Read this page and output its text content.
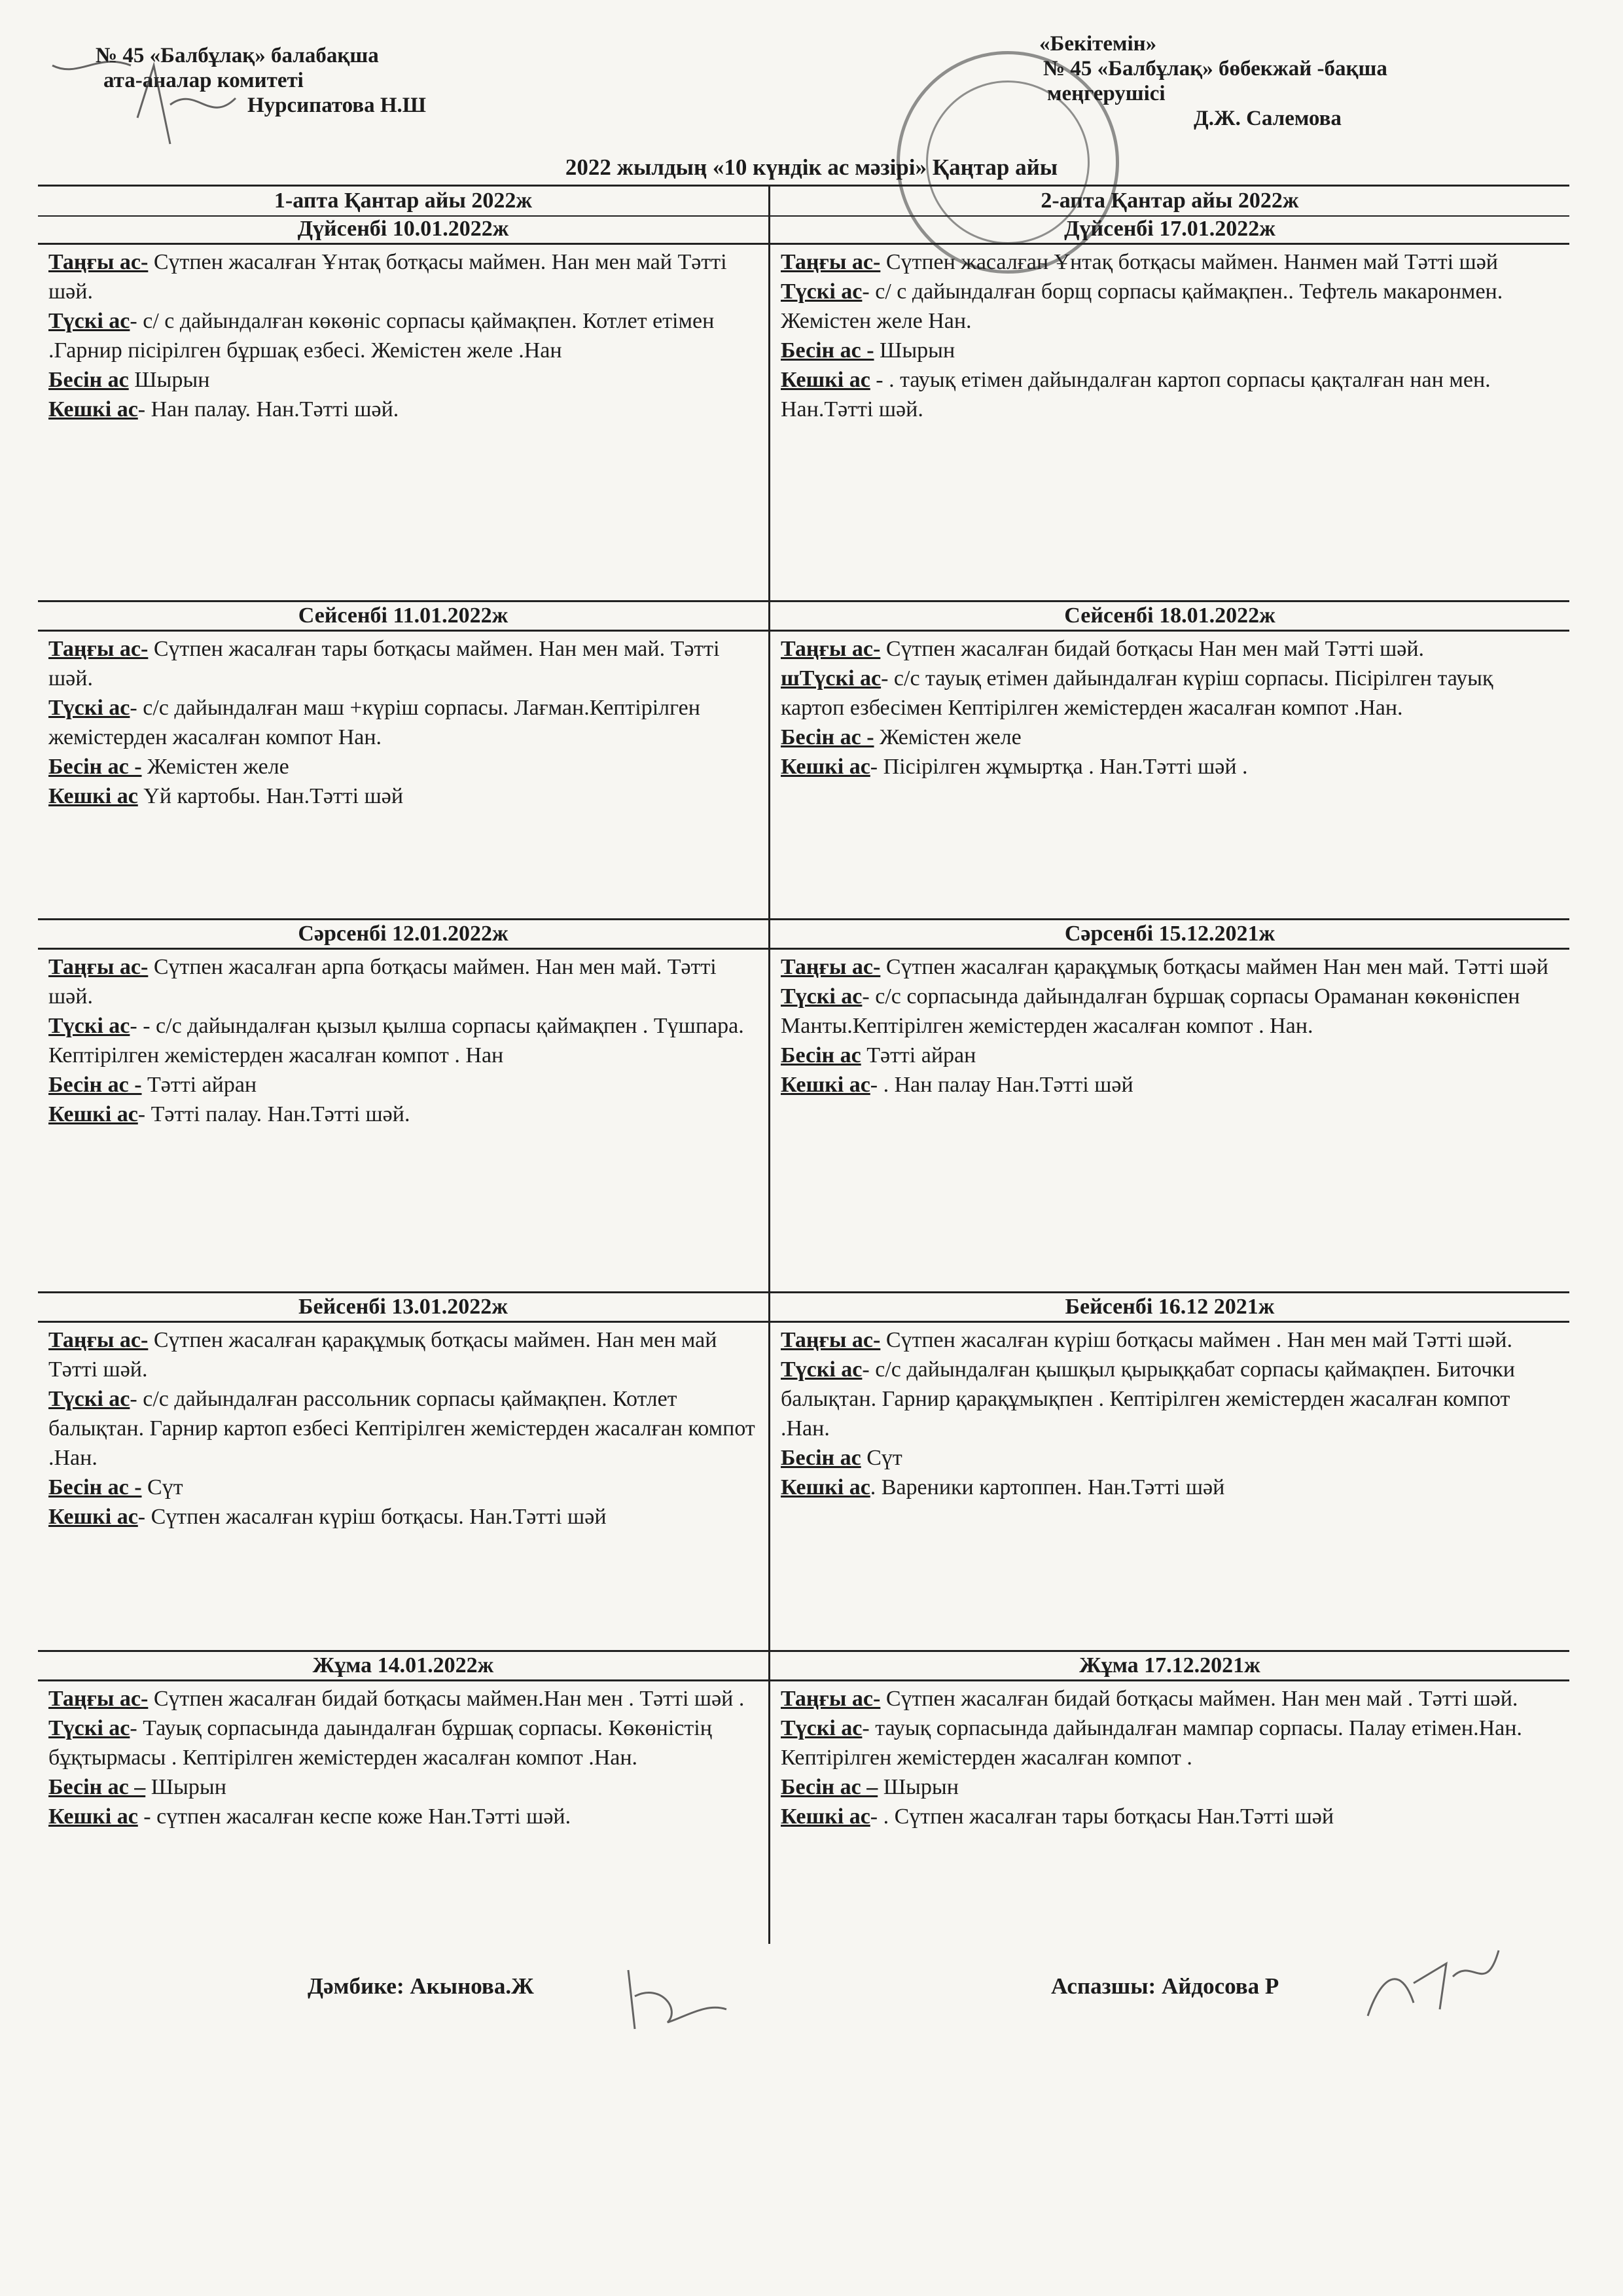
№ 45 «Балбұлақ» балабақша
ата-аналар комитеті
Нурсипатова Н.Ш
«Бекітемін»
№ 45 «Балбұлақ» бөбекжай -бақша
меңгерушісі
Д.Ж. Салемова
2022 жылдың «10 күндік ас мәзірі» Қаңтар айы
1-апта Қантар айы 2022ж
Дүйсенбі 10.01.2022ж
Таңғы ас- Сүтпен жасалған Ұнтақ ботқасы маймен. Нан мен май Тәтті шәй.
Түскі ас- с/ с дайындалған көкөніс сорпасы қаймақпен. Котлет етімен .Гарнир пісірілген бұршақ езбесі. Жемістен желе .Нан
Бесін ас Шырын
Кешкі ас- Нан палау. Нан.Тәтті шәй.
Сейсенбі 11.01.2022ж
Таңғы ас- Сүтпен жасалған тары ботқасы маймен. Нан мен май. Тәтті шәй.
Түскі ас- с/с дайындалған маш +күріш сорпасы. Лағман.Кептірілген жемістерден жасалған компот Нан.
Бесін ас - Жемістен желе
Кешкі ас Үй картобы. Нан.Тәтті шәй
Сәрсенбі 12.01.2022ж
Таңғы ас- Сүтпен жасалған арпа ботқасы маймен. Нан мен май. Тәтті шәй.
Түскі ас- - с/с дайындалған қызыл қылша сорпасы қаймақпен . Түшпара. Кептірілген жемістерден жасалған компот . Нан
Бесін ас - Тәтті айран
Кешкі ас- Тәтті палау. Нан.Тәтті шәй.
Бейсенбі 13.01.2022ж
Таңғы ас- Сүтпен жасалған қарақұмық ботқасы маймен. Нан мен май Тәтті шәй.
Түскі ас- с/с дайындалған рассольник сорпасы қаймақпен. Котлет балықтан. Гарнир картоп езбесі Кептірілген жемістерден жасалған компот .Нан.
Бесін ас - Сүт
Кешкі ас- Сүтпен жасалған күріш ботқасы. Нан.Тәтті шәй
Жұма 14.01.2022ж
Таңғы ас- Сүтпен жасалған бидай ботқасы маймен.Нан мен . Тәтті шәй .
Түскі ас- Тауық сорпасында даындалған бұршақ сорпасы. Көкөністің бұқтырмасы . Кептірілген жемістерден жасалған компот .Нан.
Бесін ас – Шырын
Кешкі ас - сүтпен жасалған кеспе коже Нан.Тәтті шәй.
2-апта Қантар айы 2022ж
Дүйсенбі 17.01.2022ж
Таңғы ас- Сүтпен жасалған Ұнтақ ботқасы маймен. Нанмен май Тәтті шәй
Түскі ас- с/ с дайындалған борщ сорпасы қаймақпен.. Тефтель макаронмен. Жемістен желе Нан.
Бесін ас - Шырын
Кешкі ас - . тауық етімен дайындалған картоп сорпасы қақталған нан мен. Нан.Тәтті шәй.
Сейсенбі 18.01.2022ж
Таңғы ас- Сүтпен жасалған бидай ботқасы Нан мен май Тәтті шәй.
шТүскі ас- с/с тауық етімен дайындалған күріш сорпасы. Пісірілген тауық картоп езбесімен Кептірілген жемістерден жасалған компот .Нан.
Бесін ас - Жемістен желе
Кешкі ас- Пісірілген жұмыртқа . Нан.Тәтті шәй .
Сәрсенбі 15.12.2021ж
Таңғы ас- Сүтпен жасалған қарақұмық ботқасы маймен Нан мен май. Тәтті шәй
Түскі ас- с/с сорпасында дайындалған бұршақ сорпасы Ораманан көкөніспен Манты.Кептірілген жемістерден жасалған компот . Нан.
Бесін ас Тәтті айран
Кешкі ас- . Нан палау Нан.Тәтті шәй
Бейсенбі 16.12 2021ж
Таңғы ас- Сүтпен жасалған күріш ботқасы маймен . Нан мен май Тәтті шәй.
Түскі ас- с/с дайындалған қышқыл қырыққабат сорпасы қаймақпен. Биточки балықтан. Гарнир қарақұмықпен . Кептірілген жемістерден жасалған компот .Нан.
Бесін ас Сүт
Кешкі ас. Вареники картоппен. Нан.Тәтті шәй
Жұма 17.12.2021ж
Таңғы ас- Сүтпен жасалған бидай ботқасы маймен. Нан мен май . Тәтті шәй.
Түскі ас- тауық сорпасында дайындалған мампар сорпасы. Палау етімен.Нан. Кептірілген жемістерден жасалған компот .
Бесін ас – Шырын
Кешкі ас- . Сүтпен жасалған тары ботқасы Нан.Тәтті шәй
Дәмбике: Акынова.Ж	Аспазшы: Айдосова Р
